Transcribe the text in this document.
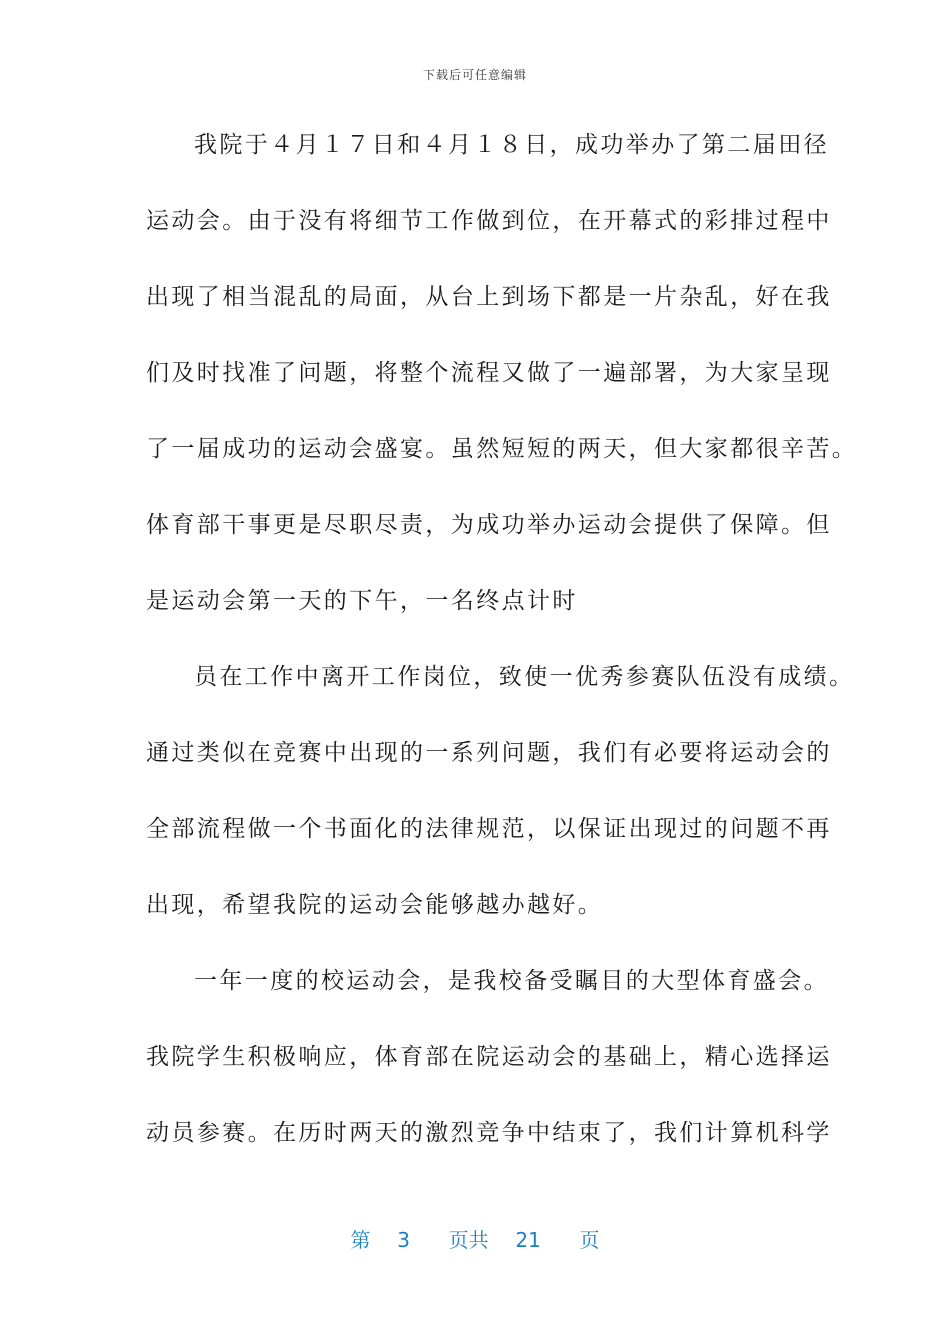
下载后可任意编辑
我院于４月１７日和４月１８日，成功举办了第二届田径
运动会。由于没有将细节工作做到位，在开幕式的彩排过程中
出现了相当混乱的局面，从台上到场下都是一片杂乱，好在我
们及时找准了问题，将整个流程又做了一遍部署，为大家呈现
了一届成功的运动会盛宴。虽然短短的两天，但大家都很辛苦。
体育部干事更是尽职尽责，为成功举办运动会提供了保障。但
是运动会第一天的下午，一名终点计时
员在工作中离开工作岗位，致使一优秀参赛队伍没有成绩。
通过类似在竞赛中出现的一系列问题，我们有必要将运动会的
全部流程做一个书面化的法律规范，以保证出现过的问题不再
出现，希望我院的运动会能够越办越好。
一年一度的校运动会，是我校备受瞩目的大型体育盛会。
我院学生积极响应，体育部在院运动会的基础上，精心选择运
动员参赛。在历时两天的激烈竞争中结束了，我们计算机科学
第 3 页共 21 页
